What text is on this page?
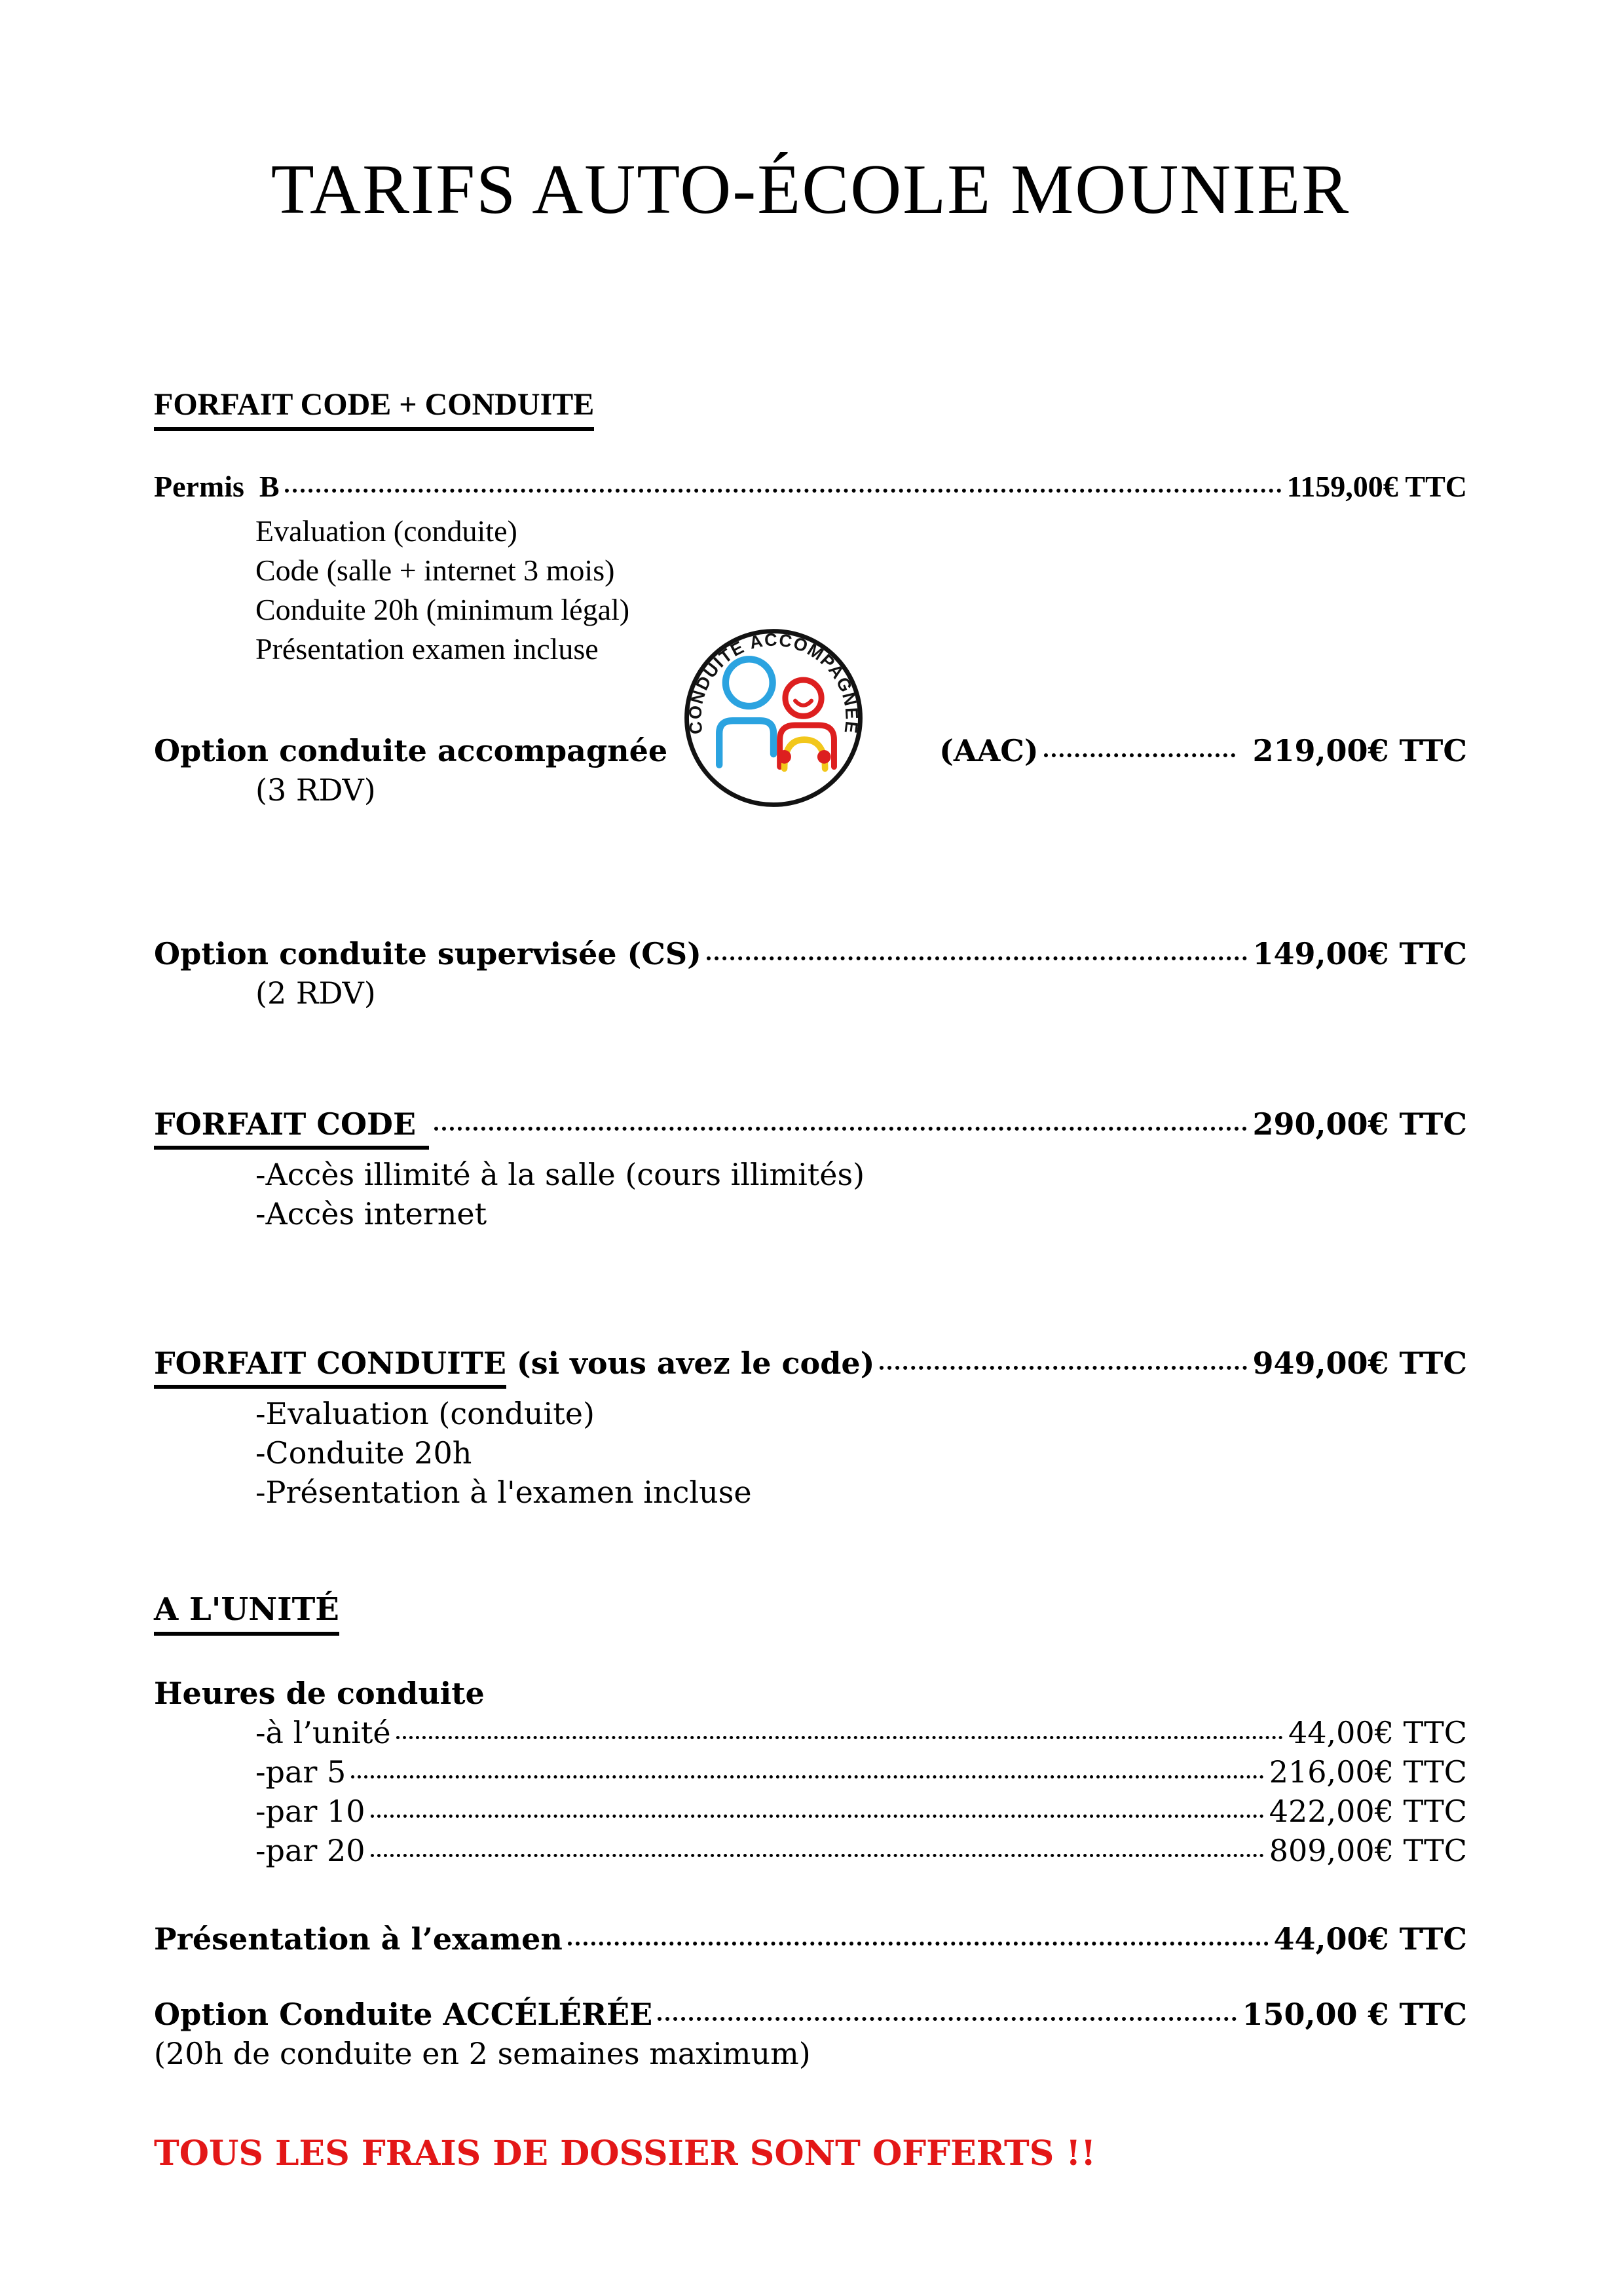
TARIFS AUTO-ÉCOLE MOUNIER
FORFAIT CODE + CONDUITE
Permis  B	1159,00€ TTC
Evaluation (conduite)
Code (salle + internet 3 mois)
Conduite 20h (minimum légal)
Présentation examen incluse
CONDUITE ACCOMPAGNÉE
Option conduite accompagnée	(AAC)	219,00€ TTC
(3 RDV)
Option conduite supervisée (CS)	149,00€ TTC
(2 RDV)
FORFAIT CODE	290,00€ TTC
-Accès illimité à la salle (cours illimités)
-Accès internet
FORFAIT CONDUITE (si vous avez le code)	949,00€ TTC
-Evaluation (conduite)
-Conduite 20h
-Présentation à l'examen incluse
A L'UNITÉ
Heures de conduite
-à l’unité	44,00€ TTC
-par 5	216,00€ TTC
-par 10	422,00€ TTC
-par 20	809,00€ TTC
Présentation à l’examen	44,00€ TTC
Option Conduite ACCÉLÉRÉE	150,00 € TTC
(20h de conduite en 2 semaines maximum)
TOUS LES FRAIS DE DOSSIER SONT OFFERTS !!
